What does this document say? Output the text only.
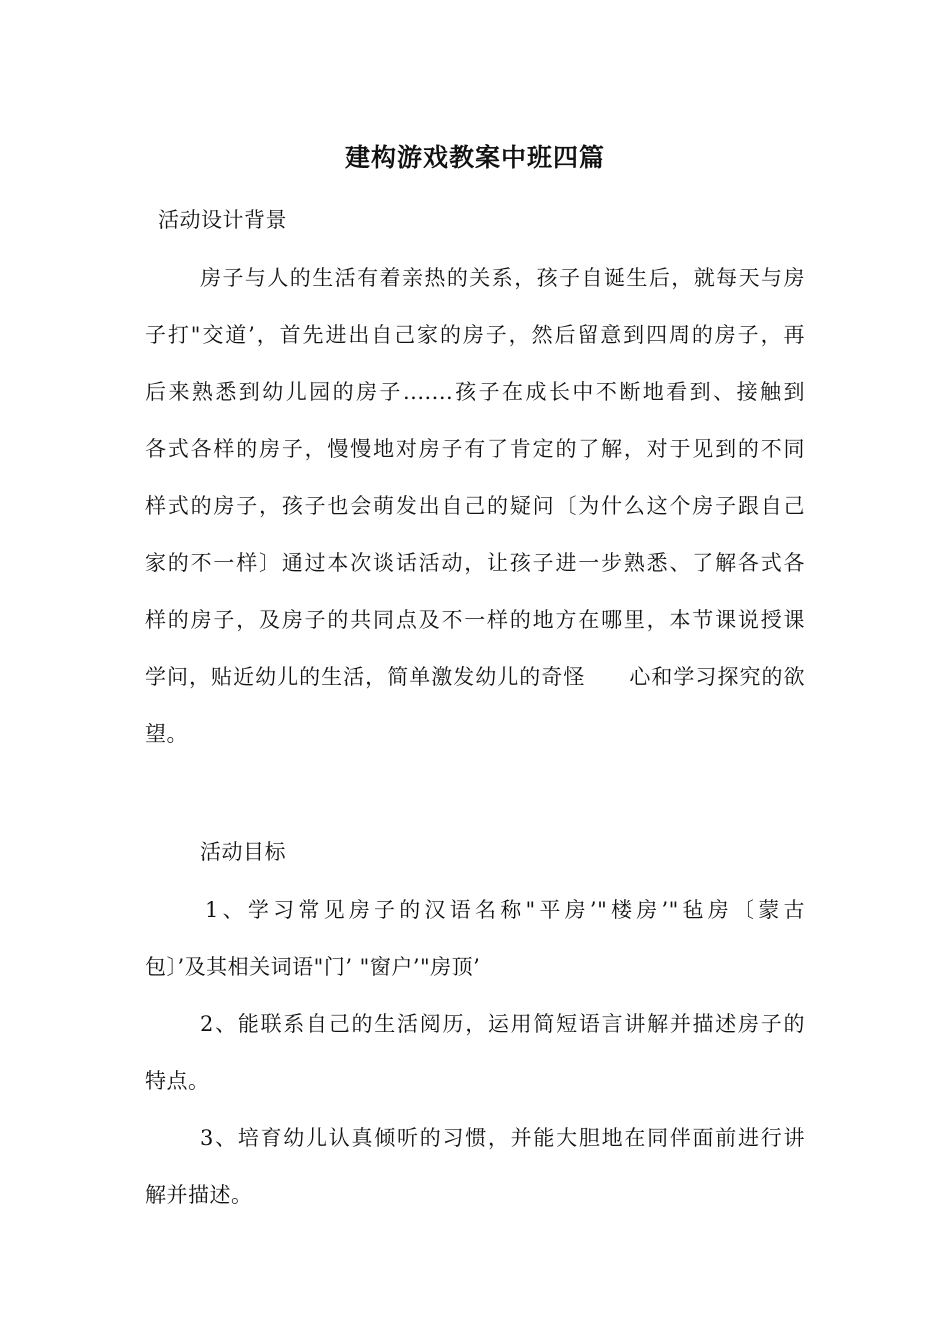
建构游戏教案中班四篇
活动设计背景
房子与人的生活有着亲热的关系，孩子自诞生后，就每天与房
子打"交道’，首先进出自己家的房子，然后留意到四周的房子，再
后来熟悉到幼儿园的房子.......孩子在成长中不断地看到、接触到
各式各样的房子，慢慢地对房子有了肯定的了解，对于见到的不同
样式的房子，孩子也会萌发出自己的疑问〔为什么这个房子跟自己
家的不一样〕通过本次谈话活动，让孩子进一步熟悉、了解各式各
样的房子，及房子的共同点及不一样的地方在哪里，本节课说授课
学问，贴近幼儿的生活，简单激发幼儿的奇怪　　心和学习探究的欲
望。
活动目标
1、学习常见房子的汉语名称"平房’"楼房’"毡房〔蒙古
包〕’及其相关词语"门’ "窗户’"房顶’
2、能联系自己的生活阅历，运用简短语言讲解并描述房子的
特点。
3、培育幼儿认真倾听的习惯，并能大胆地在同伴面前进行讲
解并描述。
